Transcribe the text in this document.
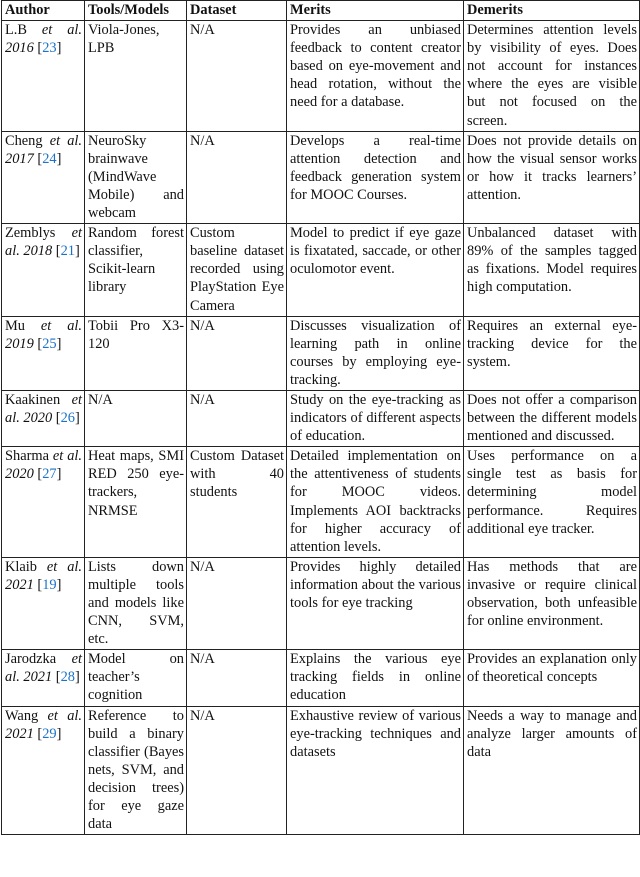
Author	Tools/Models	Dataset	Merits	Demerits
L.B et al. 2016 [23]	Viola-Jones, LPB	N/A	Provides an unbiased feedback to content creator based on eye-movement and head rotation, without the need for a database.	Determines attention levels by visibility of eyes. Does not account for instances where the eyes are visible but not focused on the screen.
Cheng et al. 2017 [24]	NeuroSky brainwave (MindWave Mobile) and webcam	N/A	Develops a real-time attention detection and feedback generation system for MOOC Courses.	Does not provide details on how the visual sensor works or how it tracks learners’ attention.
Zemblys et al. 2018 [21]	Random forest classifier, Scikit-learn library	Custom baseline dataset recorded using PlayStation Eye Camera	Model to predict if eye gaze is fixatated, saccade, or other oculomotor event.	Unbalanced dataset with 89% of the samples tagged as fixations. Model requires high computation.
Mu et al. 2019 [25]	Tobii Pro X3-120	N/A	Discusses visualization of learning path in online courses by employing eye-tracking.	Requires an external eye-tracking device for the system.
Kaakinen et al. 2020 [26]	N/A	N/A	Study on the eye-tracking as indicators of different aspects of education.	Does not offer a comparison between the different models mentioned and discussed.
Sharma et al. 2020 [27]	Heat maps, SMI RED 250 eye-trackers, NRMSE	Custom Dataset with 40 students	Detailed implementation on the attentiveness of students for MOOC videos. Implements AOI backtracks for higher accuracy of attention levels.	Uses performance on a single test as basis for determining model performance. Requires additional eye tracker.
Klaib et al. 2021 [19]	Lists down multiple tools and models like CNN, SVM, etc.	N/A	Provides highly detailed information about the various tools for eye tracking	Has methods that are invasive or require clinical observation, both unfeasible for online environment.
Jarodzka et al. 2021 [28]	Model on teacher’s cognition	N/A	Explains the various eye tracking fields in online education	Provides an explanation only of theoretical concepts
Wang et al. 2021 [29]	Reference to build a binary classifier (Bayes nets, SVM, and decision trees) for eye gaze data	N/A	Exhaustive review of various eye-tracking techniques and datasets	Needs a way to manage and analyze larger amounts of data
